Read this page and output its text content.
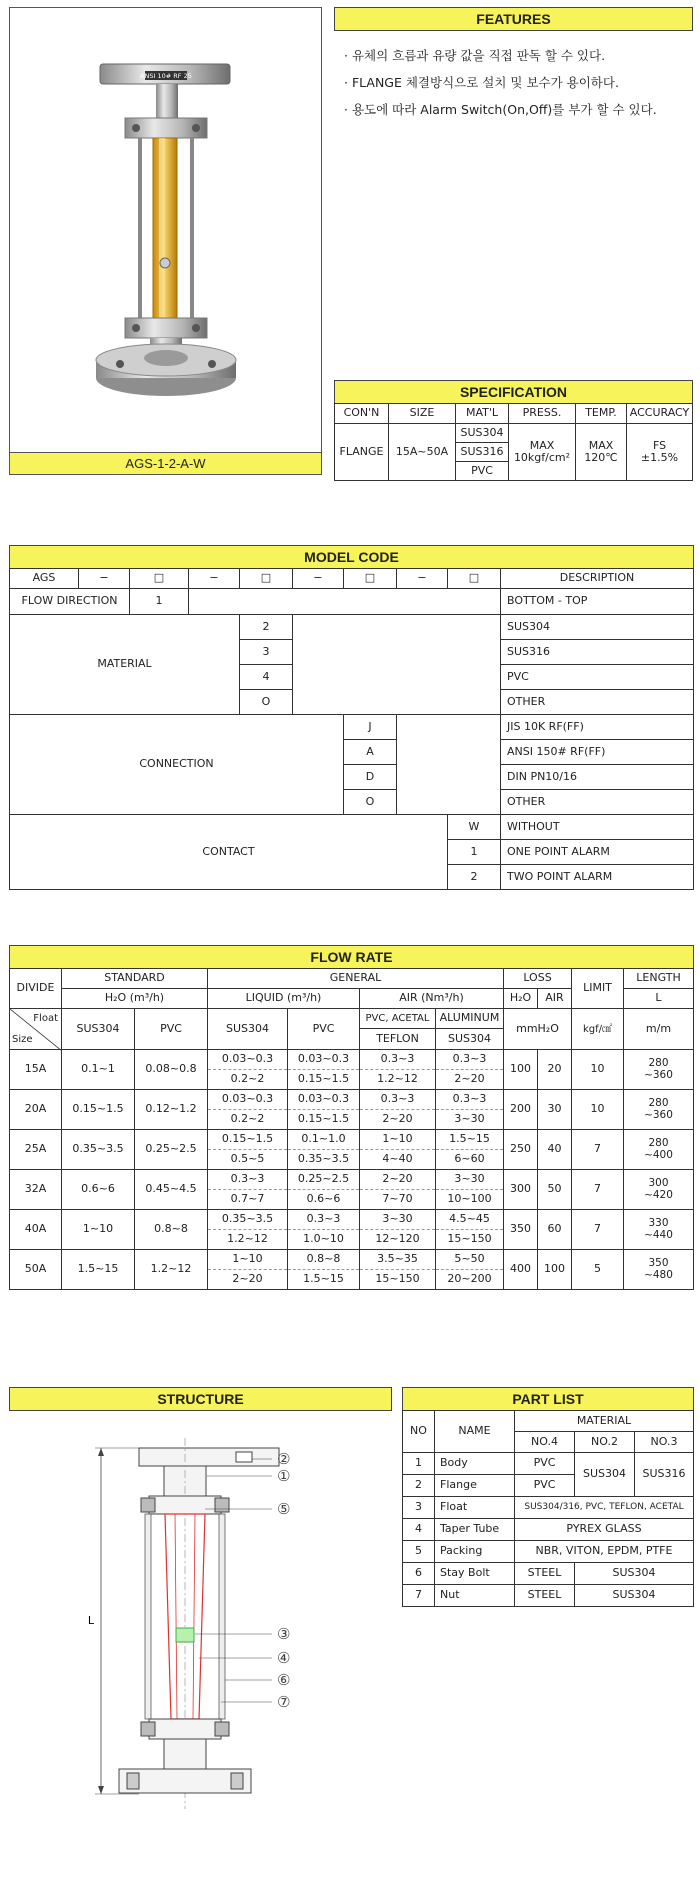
ANSI 10# RF 25
AGS-1-2-A-W
FEATURES
· 유체의 흐름과 유량 값을 직접 판독 할 수 있다.
· FLANGE 체결방식으로 설치 및 보수가 용이하다.
· 용도에 따라 Alarm Switch(On,Off)를 부가 할 수 있다.
SPECIFICATION
CON'N	SIZE	MAT'L	PRESS.	TEMP.	ACCURACY
FLANGE	15A~50A	SUS304	MAX 10kgf/cm²	MAX 120℃	FS ±1.5%
		SUS316			
		PVC			
MODEL CODE
AGS	−	□	−	□	−	□	−	□	DESCRIPTION
FLOW DIRECTION		1							BOTTOM - TOP
MATERIAL				2					SUS304
				3					SUS316
				4					PVC
				O					OTHER
CONNECTION						J			JIS 10K RF(FF)
						A			ANSI 150# RF(FF)
						D			DIN PN10/16
						O			OTHER
CONTACT								W	WITHOUT
								1	ONE POINT ALARM
								2	TWO POINT ALARM
FLOW RATE
DIVIDE	STANDARD		GENERAL				LOSS		LIMIT	LENGTH
	H₂O (m³/h)		LIQUID (m³/h)		AIR (Nm³/h)		H₂O	AIR		L

Float
Size	SUS304	PVC	SUS304	PVC	PVC, ACETAL	ALUMINUM	mmH₂O		kgf/㎠	m/m
					TEFLON	SUS304				
15A	0.1~1	0.08~0.8	0.03~0.3	0.03~0.3	0.3~3	0.3~3	100	20	10	280
~360

			0.2~2	0.15~1.5	1.2~12	2~20				
20A	0.15~1.5	0.12~1.2	0.03~0.3	0.03~0.3	0.3~3	0.3~3	200	30	10	280
~360

			0.2~2	0.15~1.5	2~20	3~30				
25A	0.35~3.5	0.25~2.5	0.15~1.5	0.1~1.0	1~10	1.5~15	250	40	7	280
~400

			0.5~5	0.35~3.5	4~40	6~60				
32A	0.6~6	0.45~4.5	0.3~3	0.25~2.5	2~20	3~30	300	50	7	300
~420

			0.7~7	0.6~6	7~70	10~100				
40A	1~10	0.8~8	0.35~3.5	0.3~3	3~30	4.5~45	350	60	7	330
~440

			1.2~12	1.0~10	12~120	15~150				
50A	1.5~15	1.2~12	1~10	0.8~8	3.5~35	5~50	400	100	5	350
~480

			2~20	1.5~15	15~150	20~200				
STRUCTURE
L
②
①
⑤
③
④
⑥
⑦
PART LIST
NO	NAME	MATERIAL		
		NO.4	NO.2	NO.3
1	Body	PVC	SUS304	SUS316
2	Flange	PVC		
3	Float	SUS304/316, PVC, TEFLON, ACETAL		
4	Taper Tube	PYREX GLASS		
5	Packing	NBR, VITON, EPDM, PTFE		
6	Stay Bolt	STEEL	SUS304	
7	Nut	STEEL	SUS304	
